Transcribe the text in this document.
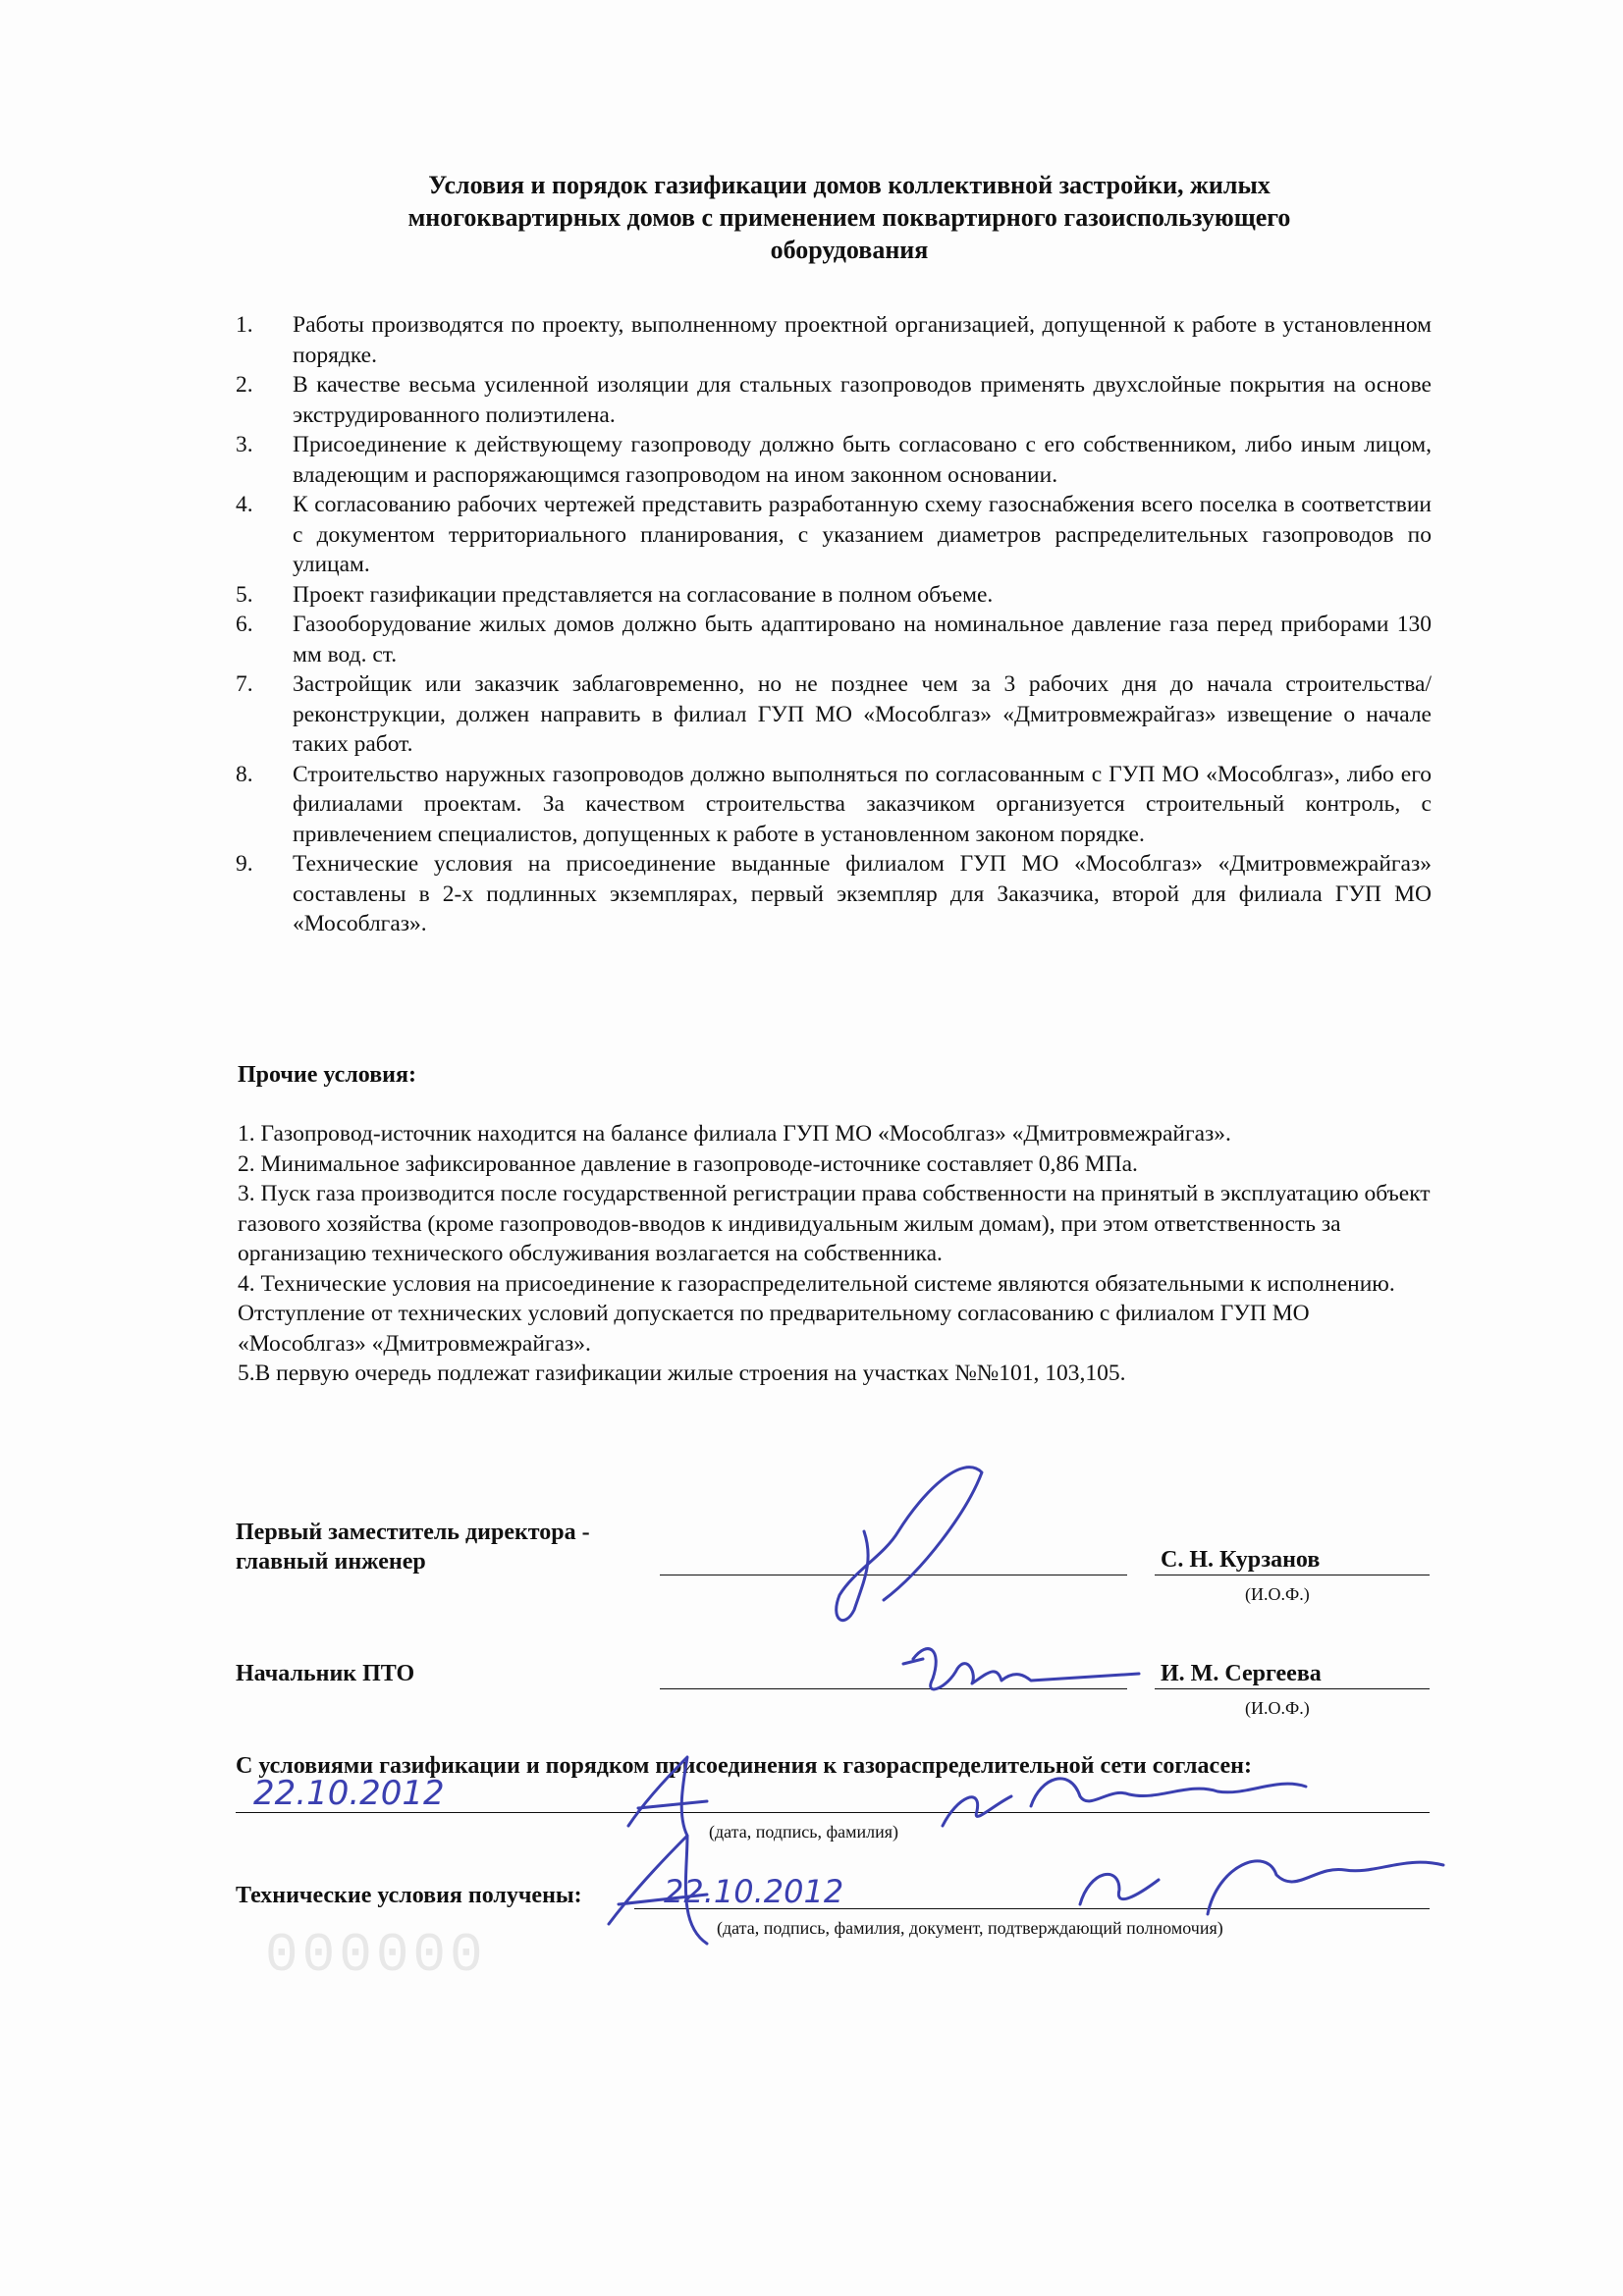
Условия и порядок газификации домов коллективной застройки, жилых
многоквартирных домов с применением поквартирного газоиспользующего
оборудования
1. Работы производятся по проекту, выполненному проектной организацией, допущенной к работе в установленном порядке.
2. В качестве весьма усиленной изоляции для стальных газопроводов применять двухслойные покрытия на основе экструдированного полиэтилена.
3. Присоединение к действующему газопроводу должно быть согласовано с его собственником, либо иным лицом, владеющим и распоряжающимся газопроводом на ином законном основании.
4. К согласованию рабочих чертежей представить разработанную схему газоснабжения всего поселка в соответствии с документом территориального планирования, с указанием диаметров распределительных газопроводов по улицам.
5. Проект газификации представляется на согласование в полном объеме.
6. Газооборудование жилых домов должно быть адаптировано на номинальное давление газа перед приборами 130 мм вод. ст.
7. Застройщик или заказчик заблаговременно, но не позднее чем за 3 рабочих дня до начала строительства/реконструкции, должен направить в филиал ГУП МО «Мособлгаз» «Дмитровмежрайгаз» извещение о начале таких работ.
8. Строительство наружных газопроводов должно выполняться по согласованным с ГУП МО «Мособлгаз», либо его филиалами проектам. За качеством строительства заказчиком организуется строительный контроль, с привлечением специалистов, допущенных к работе в установленном законом порядке.
9. Технические условия на присоединение выданные филиалом ГУП МО «Мособлгаз» «Дмитровмежрайгаз» составлены в 2-х подлинных экземплярах, первый экземпляр для Заказчика, второй для филиала ГУП МО «Мособлгаз».
Прочие условия:

1. Газопровод-источник находится на балансе филиала ГУП МО «Мособлгаз» «Дмитровмежрайгаз».

2. Минимальное зафиксированное давление в газопроводе-источнике составляет 0,86 МПа.

3. Пуск газа производится после государственной регистрации права собственности на принятый в эксплуатацию объект газового хозяйства (кроме газопроводов-вводов к индивидуальным жилым домам), при этом ответственность за организацию технического обслуживания возлагается на собственника.

4. Технические условия на присоединение к газораспределительной системе являются обязательными к исполнению. Отступление от технических условий допускается по предварительному согласованию с филиалом ГУП МО «Мособлгаз» «Дмитровмежрайгаз».

5.В первую очередь подлежат газификации жилые строения на участках №№101, 103,105.

Первый заместитель директора -
главный инженер	С. Н. Курзанов
(И.О.Ф.)
Начальник ПТО	И. М. Сергеева
(И.О.Ф.)
С условиями газификации и порядком присоединения к газораспределительной сети согласен:
(дата, подпись, фамилия)
Технические условия получены:
(дата, подпись, фамилия, документ, подтверждающий полномочия)
000000
22.10.2012
22.10.2012
